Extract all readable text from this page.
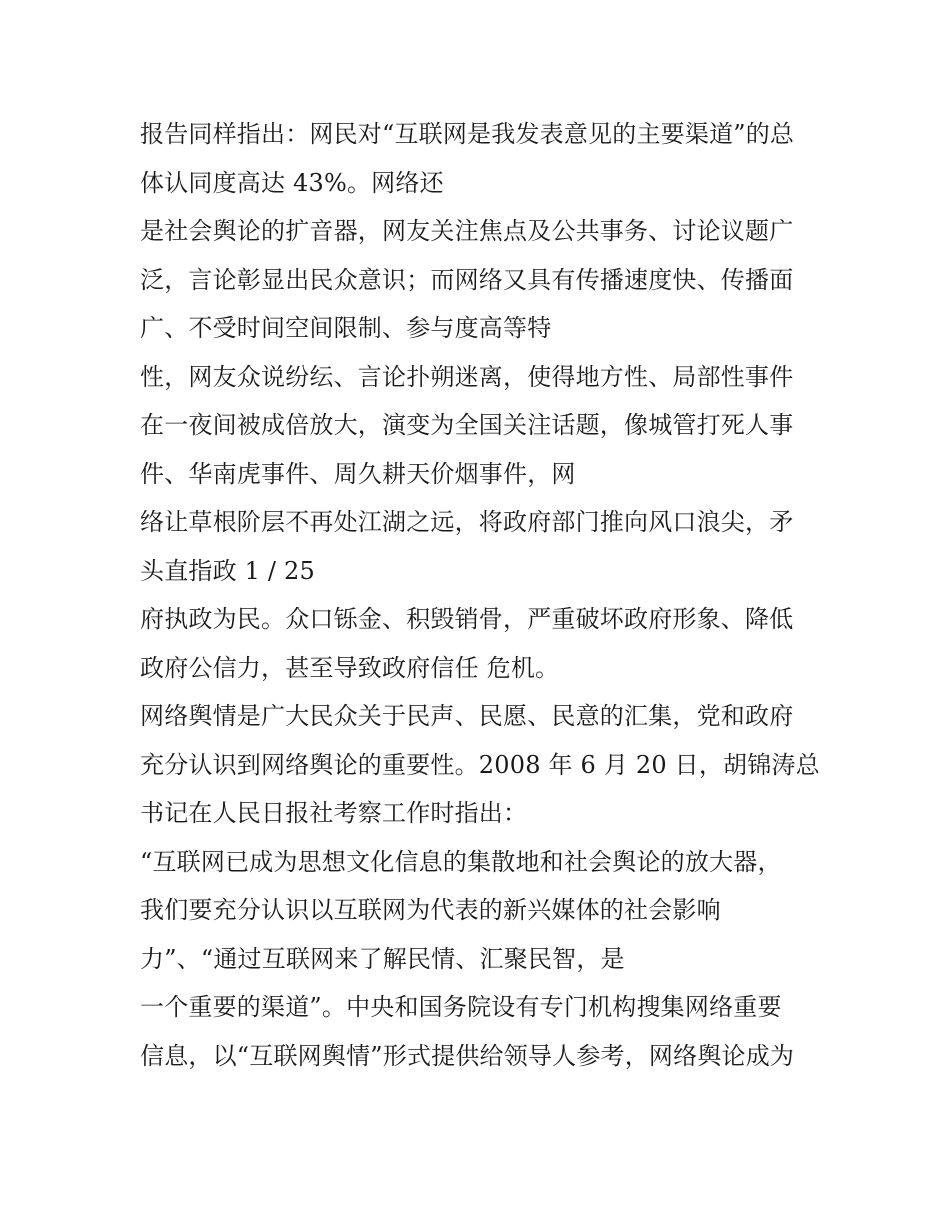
报告同样指出：网民对“互联网是我发表意见的主要渠道”的总
体认同度高达 43%。网络还
是社会舆论的扩音器，网友关注焦点及公共事务、讨论议题广
泛，言论彰显出民众意识；而网络又具有传播速度快、传播面
广、不受时间空间限制、参与度高等特
性，网友众说纷纭、言论扑朔迷离，使得地方性、局部性事件
在一夜间被成倍放大，演变为全国关注话题，像城管打死人事
件、华南虎事件、周久耕天价烟事件，网
络让草根阶层不再处江湖之远，将政府部门推向风口浪尖，矛
头直指政 1 / 25
府执政为民。众口铄金、积毁销骨，严重破坏政府形象、降低
政府公信力，甚至导致政府信任 危机。
网络舆情是广大民众关于民声、民愿、民意的汇集，党和政府
充分认识到网络舆论的重要性。2008 年 6 月 20 日，胡锦涛总
书记在人民日报社考察工作时指出：
“互联网已成为思想文化信息的集散地和社会舆论的放大器，
我们要充分认识以互联网为代表的新兴媒体的社会影响
力”、“通过互联网来了解民情、汇聚民智，是
一个重要的渠道”。中央和国务院设有专门机构搜集网络重要
信息，以“互联网舆情”形式提供给领导人参考，网络舆论成为
